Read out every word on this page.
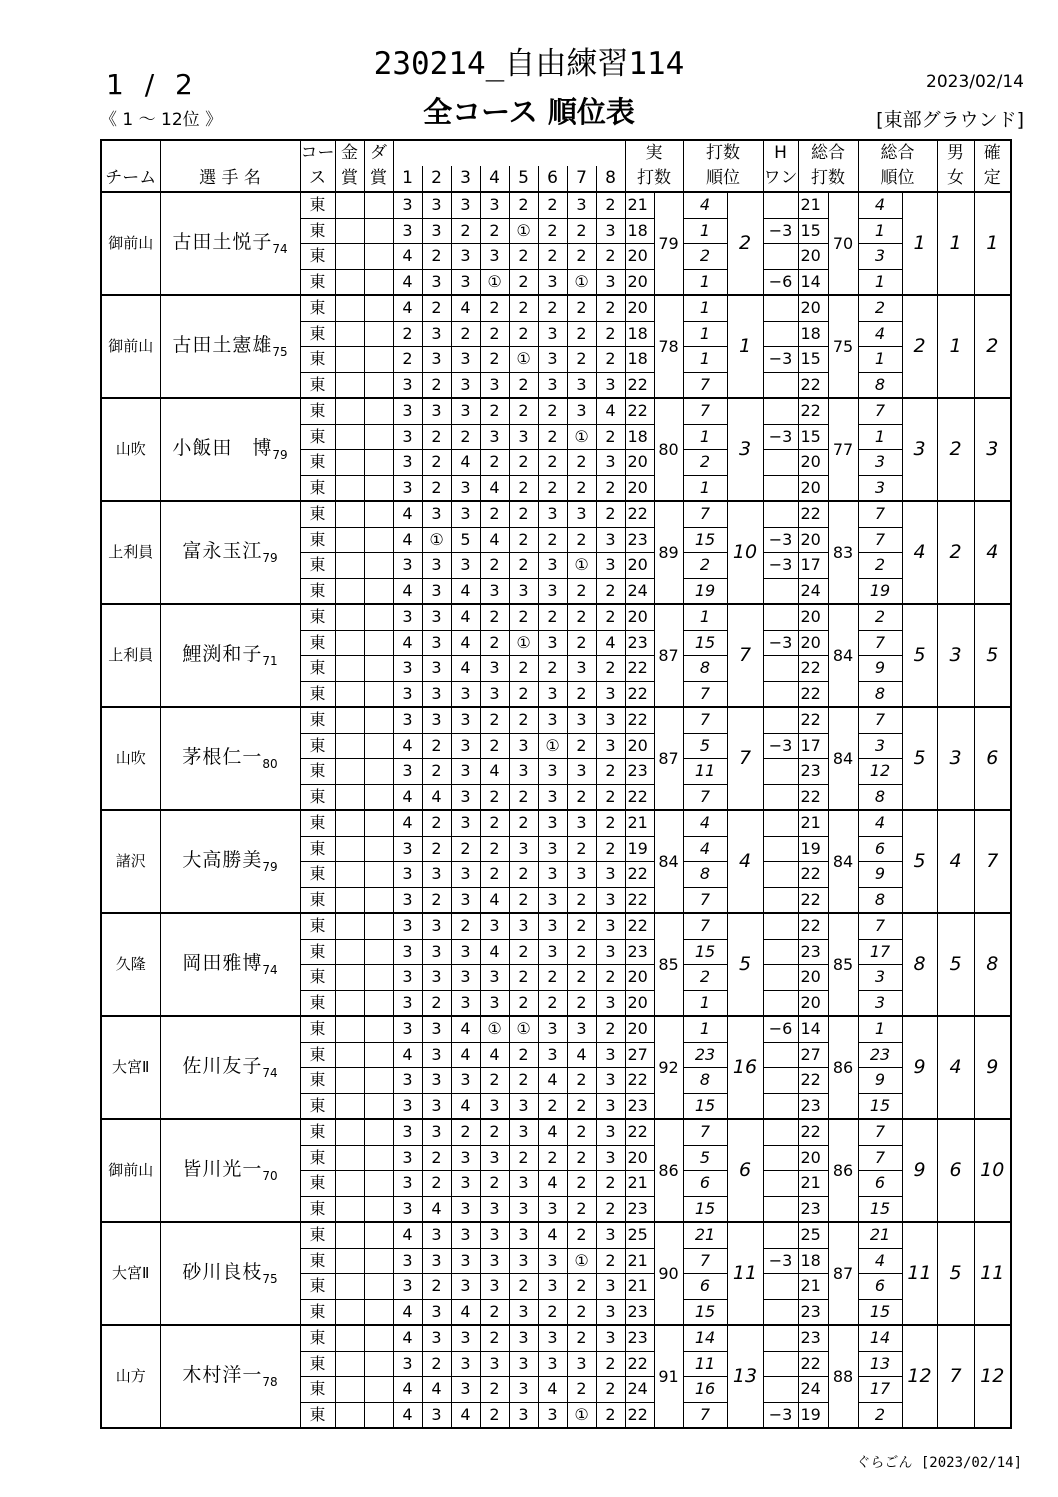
230214_自由練習114
1 / 2
《 1 ～ 12位 》	全コース 順位表
2023/02/14
[東部グラウンド]
		コー	金	ダ									実		打数		H	総合		総合		男	確
チーム	選 手 名	ス	賞	賞	1	2	3	4	5	6	7	8	打数		順位		ワン	打数		順位		女	定
御前山	古田土悦子$_{74}$	東			3	3	3	3	2	2	3	2	21	79	4	2		21	70	4	1	1	1
		東			3	3	2	2	①	2	2	3	18		1		−3	15		1			
		東			4	2	3	3	2	2	2	2	20		2			20		3			
		東			4	3	3	①	2	3	①	3	20		1		−6	14		1			
御前山	古田土憲雄$_{75}$	東			4	2	4	2	2	2	2	2	20	78	1	1		20	75	2	2	1	2
		東			2	3	2	2	2	3	2	2	18		1			18		4			
		東			2	3	3	2	①	3	2	2	18		1		−3	15		1			
		東			3	2	3	3	2	3	3	3	22		7			22		8			
山吹	小飯田　博$_{79}$	東			3	3	3	2	2	2	3	4	22	80	7	3		22	77	7	3	2	3
		東			3	2	2	3	3	2	①	2	18		1		−3	15		1			
		東			3	2	4	2	2	2	2	3	20		2			20		3			
		東			3	2	3	4	2	2	2	2	20		1			20		3			
上利員	富永玉江$_{79}$	東			4	3	3	2	2	3	3	2	22	89	7	10		22	83	7	4	2	4
		東			4	①	5	4	2	2	2	3	23		15		−3	20		7			
		東			3	3	3	2	2	3	①	3	20		2		−3	17		2			
		東			4	3	4	3	3	3	2	2	24		19			24		19			
上利員	鯉渕和子$_{71}$	東			3	3	4	2	2	2	2	2	20	87	1	7		20	84	2	5	3	5
		東			4	3	4	2	①	3	2	4	23		15		−3	20		7			
		東			3	3	4	3	2	2	3	2	22		8			22		9			
		東			3	3	3	3	2	3	2	3	22		7			22		8			
山吹	茅根仁一$_{80}$	東			3	3	3	2	2	3	3	3	22	87	7	7		22	84	7	5	3	6
		東			4	2	3	2	3	①	2	3	20		5		−3	17		3			
		東			3	2	3	4	3	3	3	2	23		11			23		12			
		東			4	4	3	2	2	3	2	2	22		7			22		8			
諸沢	大高勝美$_{79}$	東			4	2	3	2	2	3	3	2	21	84	4	4		21	84	4	5	4	7
		東			3	2	2	2	3	3	2	2	19		4			19		6			
		東			3	3	3	2	2	3	3	3	22		8			22		9			
		東			3	2	3	4	2	3	2	3	22		7			22		8			
久隆	岡田雅博$_{74}$	東			3	3	2	3	3	3	2	3	22	85	7	5		22	85	7	8	5	8
		東			3	3	3	4	2	3	2	3	23		15			23		17			
		東			3	3	3	3	2	2	2	2	20		2			20		3			
		東			3	2	3	3	2	2	2	3	20		1			20		3			
大宮Ⅱ	佐川友子$_{74}$	東			3	3	4	①	①	3	3	2	20	92	1	16	−6	14	86	1	9	4	9
		東			4	3	4	4	2	3	4	3	27		23			27		23			
		東			3	3	3	2	2	4	2	3	22		8			22		9			
		東			3	3	4	3	3	2	2	3	23		15			23		15			
御前山	皆川光一$_{70}$	東			3	3	2	2	3	4	2	3	22	86	7	6		22	86	7	9	6	10
		東			3	2	3	3	2	2	2	3	20		5			20		7			
		東			3	2	3	2	3	4	2	2	21		6			21		6			
		東			3	4	3	3	3	3	2	2	23		15			23		15			
大宮Ⅱ	砂川良枝$_{75}$	東			4	3	3	3	3	4	2	3	25	90	21	11		25	87	21	11	5	11
		東			3	3	3	3	3	3	①	2	21		7		−3	18		4			
		東			3	2	3	3	2	3	2	3	21		6			21		6			
		東			4	3	4	2	3	2	2	3	23		15			23		15			
山方	木村洋一$_{78}$	東			4	3	3	2	3	3	2	3	23	91	14	13		23	88	14	12	7	12
		東			3	2	3	3	3	3	3	2	22		11			22		13			
		東			4	4	3	2	3	4	2	2	24		16			24		17			
		東			4	3	4	2	3	3	①	2	22		7		−3	19		2			
ぐらごん [2023/02/14]
